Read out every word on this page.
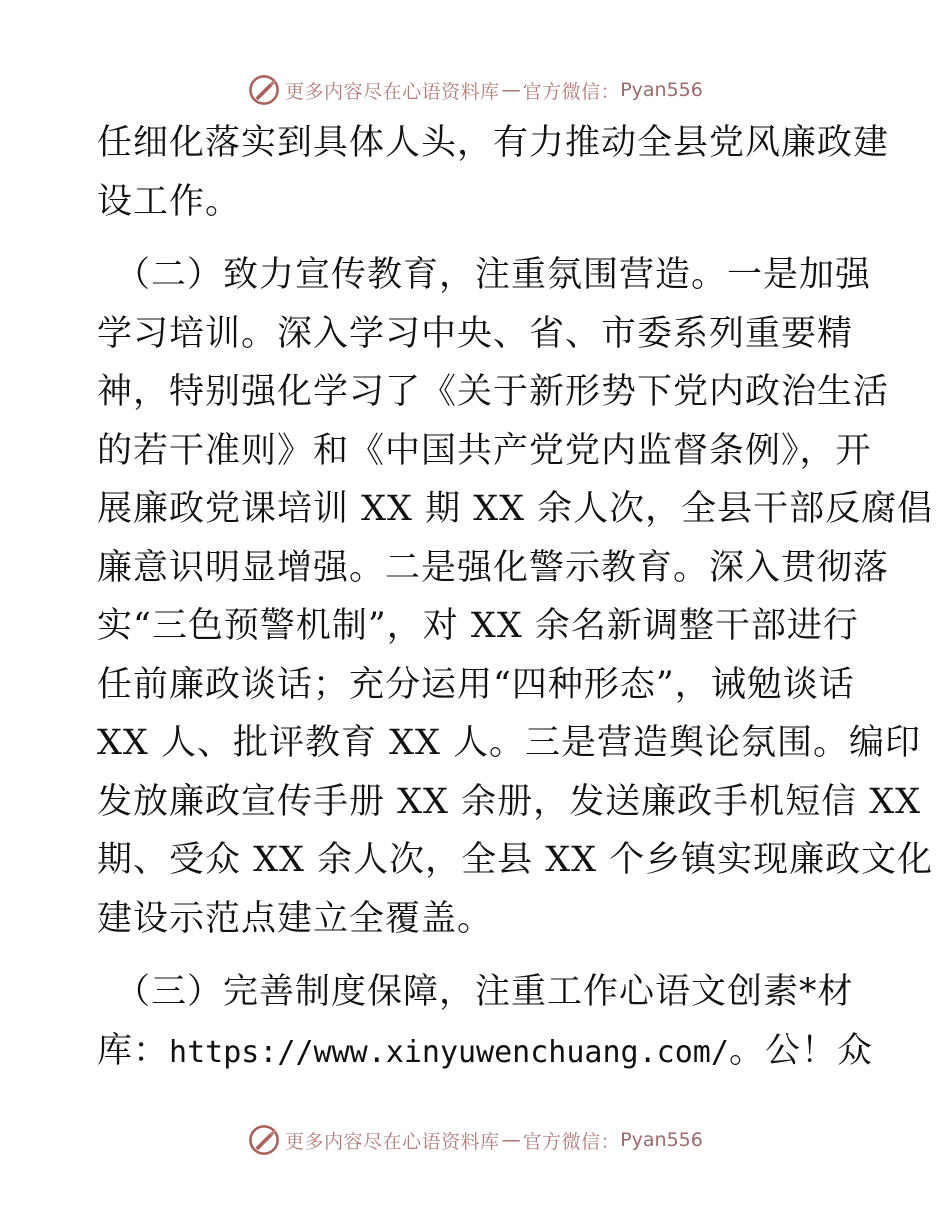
更多内容尽在心语资料库 — 官方微信： Pyan556
任细化落实到具体人头，有力推动全县党风廉政建
设工作。
（二）致力宣传教育，注重氛围营造。一是加强
学习培训。深入学习中央、省、市委系列重要精
神，特别强化学习了《关于新形势下党内政治生活
的若干准则》和《中国共产党党内监督条例》，开
展廉政党课培训 XX 期 XX 余人次，全县干部反腐倡
廉意识明显增强。二是强化警示教育。深入贯彻落
实“三色预警机制”，对 XX 余名新调整干部进行
任前廉政谈话；充分运用“四种形态”，诫勉谈话
XX 人、批评教育 XX 人。三是营造舆论氛围。编印
发放廉政宣传手册 XX 余册，发送廉政手机短信 XX
期、受众 XX 余人次，全县 XX 个乡镇实现廉政文化
建设示范点建立全覆盖。
（三）完善制度保障，注重工作心语文创素*材
库：https://www.xinyuwenchuang.com/。公！众
更多内容尽在心语资料库 — 官方微信： Pyan556
